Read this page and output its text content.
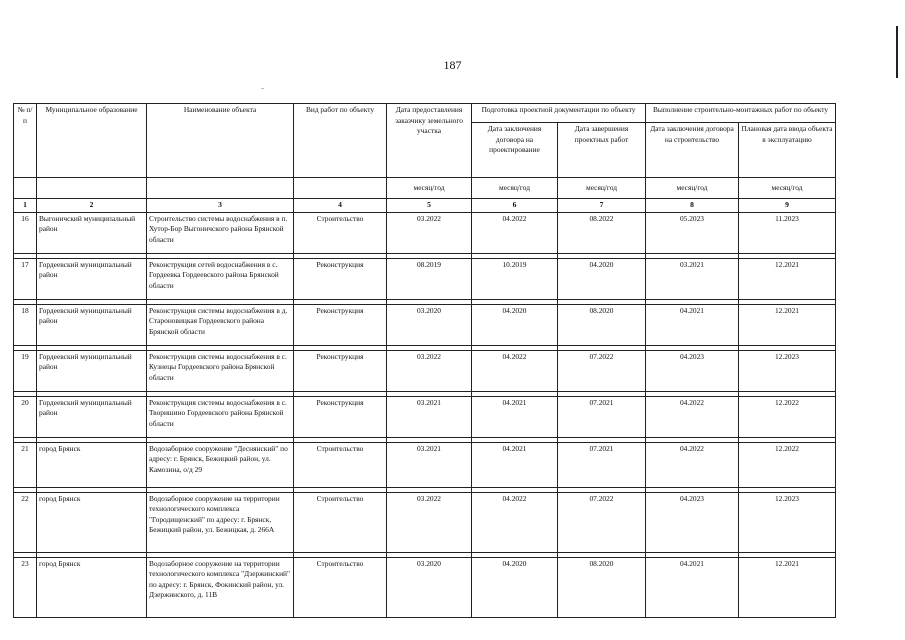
187
№ п/п	Муниципальное образование	Наименование объекта	Вид работ по объекту	Дата предоставления заказчику земельного участка	Подготовка проектной документации по объекту		Выполнение строительно-монтажных работ по объекту	
					Дата заключения договора на проектирование	Дата завершения проектных работ	Дата заключения договора на строительство	Плановая дата ввода объекта в эксплуатацию
				месяц/год	месяц/год	месяц/год	месяц/год	месяц/год
1	2	3	4	5	6	7	8	9
16	Выгоничский муниципальный район	Строительство системы водоснабжения в п. Хутор-Бор Выгоничского района Брянской области	Строительство	03.2022	04.2022	08.2022	05.2023	11.2023

17	Гордеевский муниципальный район	Реконструкция сетей водоснабжения в с. Гордеевка Гордеевского района Брянской области	Реконструкция	08.2019	10.2019	04.2020	03.2021	12.2021

18	Гордеевский муниципальный район	Реконструкция системы водоснабжения в д. Староновицкая Гордеевского района Брянской области	Реконструкция	03.2020	04.2020	08.2020	04.2021	12.2021

19	Гордеевский муниципальный район	Реконструкция системы водоснабжения в с. Кузнецы Гордеевского района Брянской области	Реконструкция	03.2022	04.2022	07.2022	04.2023	12.2023

20	Гордеевский муниципальный район	Реконструкция системы водоснабжения в с. Творишино Гордеевского района Брянской области	Реконструкция	03.2021	04.2021	07.2021	04.2022	12.2022

21	город Брянск	Водозаборное сооружение "Деснянский" по адресу: г. Брянск, Бежицкий район, ул. Камозина, о/д 29	Строительство	03.2021	04.2021	07.2021	04.2022	12.2022

22	город Брянск	Водозаборное сооружение на территории технологического комплекса "Городищенский" по адресу: г. Брянск, Бежицкий район, ул. Бежицкая, д. 266А	Строительство	03.2022	04.2022	07.2022	04.2023	12.2023

23	город Брянск	Водозаборное сооружение на территории технологического комплекса "Дзержинский" по адресу: г. Брянск, Фокинский район, ул. Дзержинского, д. 11В	Строительство	03.2020	04.2020	08.2020	04.2021	12.2021
